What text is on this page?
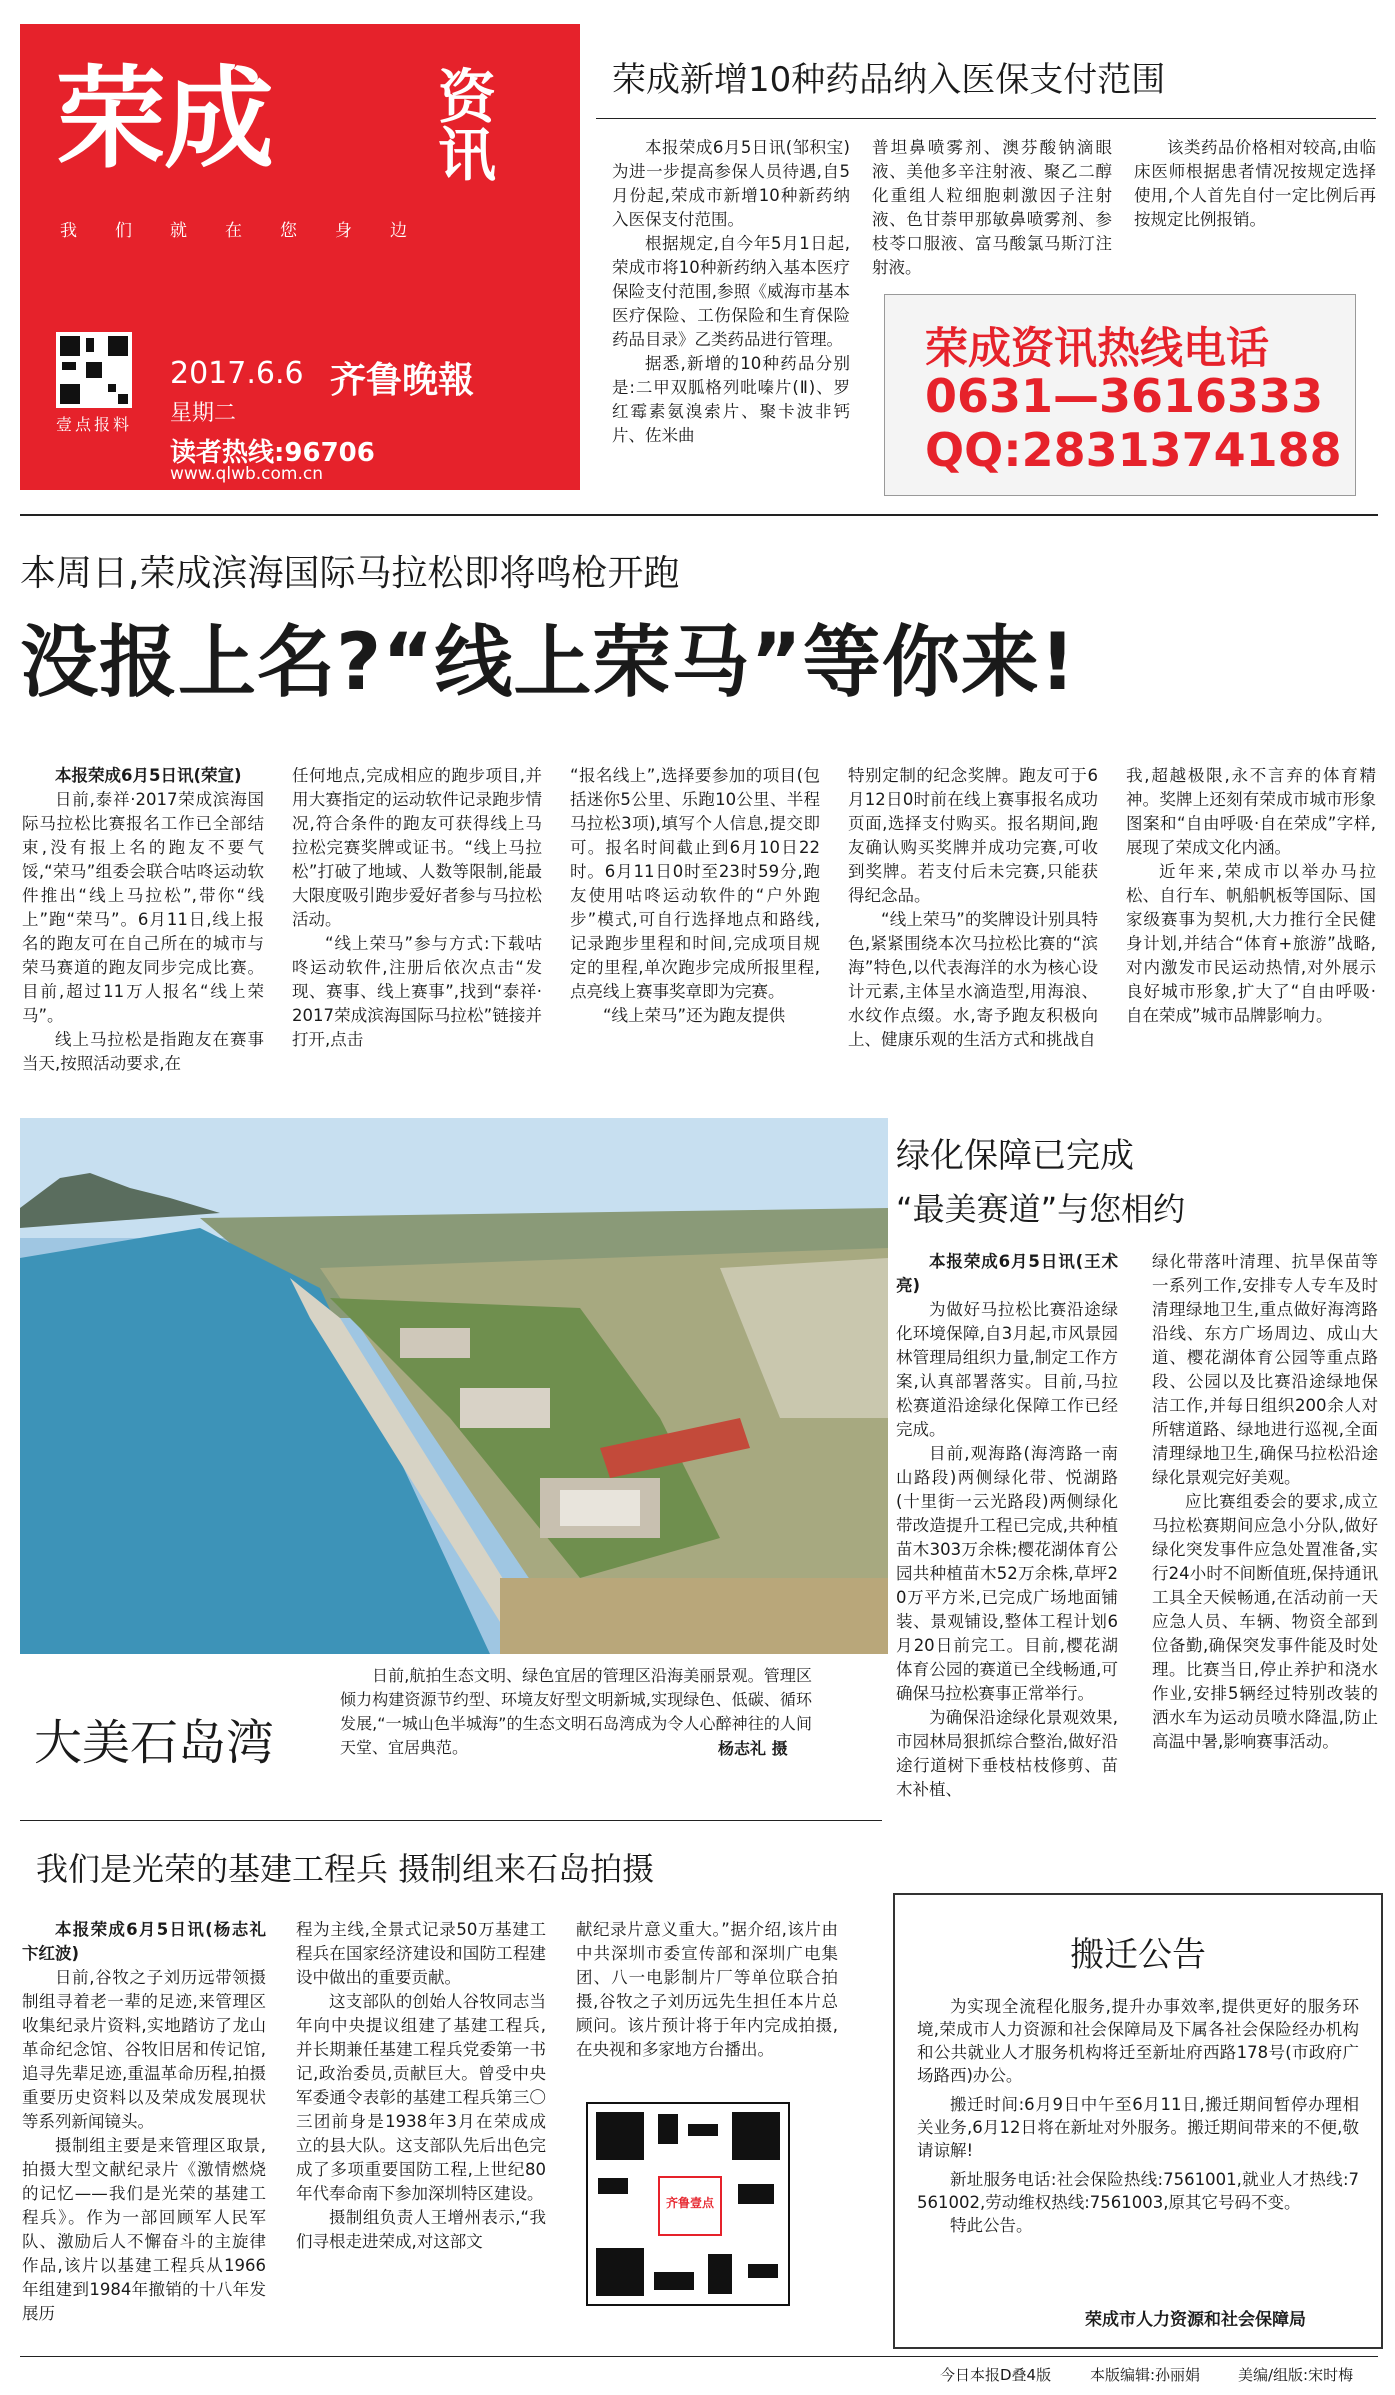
荣成	资讯
我们就在您身边
壹点报料
2017.6.6
星期二
齐鲁晚報
读者热线:96706
www.qlwb.com.cn
荣成新增10种药品纳入医保支付范围

本报荣成6月5日讯(邹积宝) 为进一步提高参保人员待遇,自5月份起,荣成市新增10种新药纳入医保支付范围。

根据规定,自今年5月1日起,荣成市将10种新药纳入基本医疗保险支付范围,参照《威海市基本医疗保险、工伤保险和生育保险药品目录》乙类药品进行管理。

据悉,新增的10种药品分别是:二甲双胍格列吡嗪片(Ⅱ)、罗红霉素氨溴索片、聚卡波非钙片、佐米曲

普坦鼻喷雾剂、澳芬酸钠滴眼液、美他多辛注射液、聚乙二醇化重组人粒细胞刺激因子注射液、色甘萘甲那敏鼻喷雾剂、参枝苓口服液、富马酸氯马斯汀注射液。

该类药品价格相对较高,由临床医师根据患者情况按规定选择使用,个人首先自付一定比例后再按规定比例报销。

荣成资讯热线电话
0631—3616333
QQ:2831374188
本周日,荣成滨海国际马拉松即将鸣枪开跑
没报上名?“线上荣马”等你来!

本报荣成6月5日讯(荣宣)

日前,泰祥·2017荣成滨海国际马拉松比赛报名工作已全部结束,没有报上名的跑友不要气馁,“荣马”组委会联合咕咚运动软件推出“线上马拉松”,带你“线上”跑“荣马”。6月11日,线上报名的跑友可在自己所在的城市与荣马赛道的跑友同步完成比赛。目前,超过11万人报名“线上荣马”。

线上马拉松是指跑友在赛事当天,按照活动要求,在

任何地点,完成相应的跑步项目,并用大赛指定的运动软件记录跑步情况,符合条件的跑友可获得线上马拉松完赛奖牌或证书。“线上马拉松”打破了地域、人数等限制,能最大限度吸引跑步爱好者参与马拉松活动。

“线上荣马”参与方式:下载咕咚运动软件,注册后依次点击“发现、赛事、线上赛事”,找到“泰祥·2017荣成滨海国际马拉松”链接并打开,点击

“报名线上”,选择要参加的项目(包括迷你5公里、乐跑10公里、半程马拉松3项),填写个人信息,提交即可。报名时间截止到6月10日22时。6月11日0时至23时59分,跑友使用咕咚运动软件的“户外跑步”模式,可自行选择地点和路线,记录跑步里程和时间,完成项目规定的里程,单次跑步完成所报里程,点亮线上赛事奖章即为完赛。

“线上荣马”还为跑友提供

特别定制的纪念奖牌。跑友可于6月12日0时前在线上赛事报名成功页面,选择支付购买。报名期间,跑友确认购买奖牌并成功完赛,可收到奖牌。若支付后未完赛,只能获得纪念品。

“线上荣马”的奖牌设计别具特色,紧紧围绕本次马拉松比赛的“滨海”特色,以代表海洋的水为核心设计元素,主体呈水滴造型,用海浪、水纹作点缀。水,寄予跑友积极向上、健康乐观的生活方式和挑战自

我,超越极限,永不言弃的体育精神。奖牌上还刻有荣成市城市形象图案和“自由呼吸·自在荣成”字样,展现了荣成文化内涵。

近年来,荣成市以举办马拉松、自行车、帆船帆板等国际、国家级赛事为契机,大力推行全民健身计划,并结合“体育+旅游”战略,对内激发市民运动热情,对外展示良好城市形象,扩大了“自由呼吸·自在荣成”城市品牌影响力。

大美石岛湾

日前,航拍生态文明、绿色宜居的管理区沿海美丽景观。管理区倾力构建资源节约型、环境友好型文明新城,实现绿色、低碳、循环发展,“一城山色半城海”的生态文明石岛湾成为令人心醉神往的人间天堂、宜居典范。	杨志礼 摄
绿化保障已完成
“最美赛道”与您相约

本报荣成6月5日讯(王术亮)

为做好马拉松比赛沿途绿化环境保障,自3月起,市风景园林管理局组织力量,制定工作方案,认真部署落实。目前,马拉松赛道沿途绿化保障工作已经完成。

目前,观海路(海湾路一南山路段)两侧绿化带、悦湖路(十里街一云光路段)两侧绿化带改造提升工程已完成,共种植苗木303万余株;樱花湖体育公园共种植苗木52万余株,草坪20万平方米,已完成广场地面铺装、景观铺设,整体工程计划6月20日前完工。目前,樱花湖体育公园的赛道已全线畅通,可确保马拉松赛事正常举行。

为确保沿途绿化景观效果,市园林局狠抓综合整治,做好沿途行道树下垂枝枯枝修剪、苗木补植、

绿化带落叶清理、抗旱保苗等一系列工作,安排专人专车及时清理绿地卫生,重点做好海湾路沿线、东方广场周边、成山大道、樱花湖体育公园等重点路段、公园以及比赛沿途绿地保洁工作,并每日组织200余人对所辖道路、绿地进行巡视,全面清理绿地卫生,确保马拉松沿途绿化景观完好美观。

应比赛组委会的要求,成立马拉松赛期间应急小分队,做好绿化突发事件应急处置准备,实行24小时不间断值班,保持通讯工具全天候畅通,在活动前一天应急人员、车辆、物资全部到位备勤,确保突发事件能及时处理。比赛当日,停止养护和浇水作业,安排5辆经过特别改装的洒水车为运动员喷水降温,防止高温中暑,影响赛事活动。

我们是光荣的基建工程兵 摄制组来石岛拍摄

本报荣成6月5日讯(杨志礼 卞红波)

日前,谷牧之子刘历远带领摄制组寻着老一辈的足迹,来管理区收集纪录片资料,实地踏访了龙山革命纪念馆、谷牧旧居和传记馆,追寻先辈足迹,重温革命历程,拍摄重要历史资料以及荣成发展现状等系列新闻镜头。

摄制组主要是来管理区取景,拍摄大型文献纪录片《激情燃烧的记忆——我们是光荣的基建工程兵》。作为一部回顾军人民军队、激励后人不懈奋斗的主旋律作品,该片以基建工程兵从1966年组建到1984年撤销的十八年发展历

程为主线,全景式记录50万基建工程兵在国家经济建设和国防工程建设中做出的重要贡献。

这支部队的创始人谷牧同志当年向中央提议组建了基建工程兵,并长期兼任基建工程兵党委第一书记,政治委员,贡献巨大。曾受中央军委通令表彰的基建工程兵第三〇三团前身是1938年3月在荣成成立的县大队。这支部队先后出色完成了多项重要国防工程,上世纪80年代奉命南下参加深圳特区建设。

摄制组负责人王增州表示,“我们寻根走进荣成,对这部文

献纪录片意义重大。”据介绍,该片由中共深圳市委宣传部和深圳广电集团、八一电影制片厂等单位联合拍摄,谷牧之子刘历远先生担任本片总顾问。该片预计将于年内完成拍摄,在央视和多家地方台播出。

齐鲁壹点
搬迁公告

为实现全流程化服务,提升办事效率,提供更好的服务环境,荣成市人力资源和社会保障局及下属各社会保险经办机构和公共就业人才服务机构将迁至新址府西路178号(市政府广场路西)办公。

搬迁时间:6月9日中午至6月11日,搬迁期间暂停办理相关业务,6月12日将在新址对外服务。搬迁期间带来的不便,敬请谅解!

新址服务电话:社会保险热线:7561001,就业人才热线:7561002,劳动维权热线:7561003,原其它号码不变。

特此公告。

荣成市人力资源和社会保障局
今日本报D叠4版	本版编辑:孙丽娟	美编/组版:宋时梅
